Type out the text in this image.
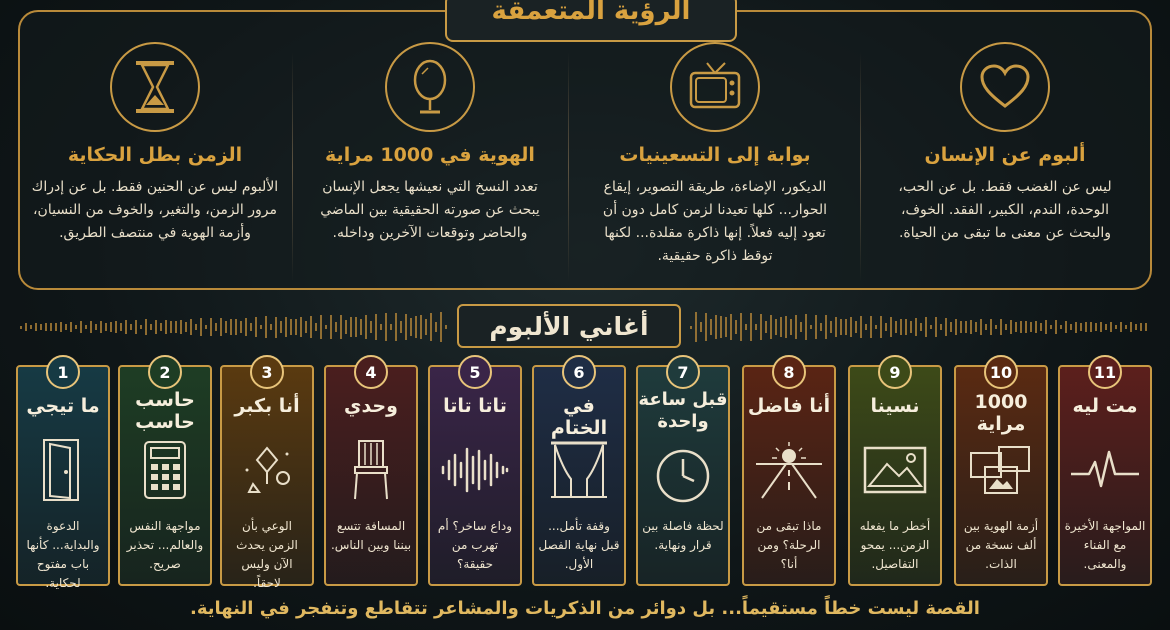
الرؤية المتعمقة
الزمن بطل الحكاية
الألبوم ليس عن الحنين فقط. بل عن إدراك مرور الزمن، والتغير، والخوف من النسيان، وأزمة الهوية في منتصف الطريق.
الهوية في 1000 مراية
تعدد النسخ التي نعيشها يجعل الإنسان يبحث عن صورته الحقيقية بين الماضي والحاضر وتوقعات الآخرين وداخله.
بوابة إلى التسعينيات
الديكور، الإضاءة، طريقة التصوير، إيقاع الحوار... كلها تعيدنا لزمن كامل دون أن تعود إليه فعلاً. إنها ذاكرة مقلدة... لكنها توقظ ذاكرة حقيقية.
ألبوم عن الإنسان
ليس عن الغضب فقط. بل عن الحب، الوحدة، الندم، الكبير، الفقد. الخوف، والبحث عن معنى ما تبقى من الحياة.
أغاني الألبوم
1
ما تيجي
الدعوة والبداية... كأنها باب مفتوح لحكاية.
2
حاسب حاسب
مواجهة النفس والعالم... تحذير صريح.
3
أنا بكبر
الوعي بأن الزمن يحدث الآن وليس لاحقاً.
4
وحدي
المسافة تتسع بيننا وبين الناس.
5
تاتا تاتا
وداع ساخر؟ أم تهرب من حقيقة؟
6
في الختام
وقفة تأمل... قبل نهاية الفصل الأول.
7
قبل ساعة واحدة
لحظة فاصلة بين قرار ونهاية.
8
أنا فاضل
ماذا تبقى من الرحلة؟ ومن أنا؟
9
نسينا
أخطر ما يفعله الزمن... يمحو التفاصيل.
10
1000 مراية
أزمة الهوية بين ألف نسخة من الذات.
11
مت ليه
المواجهة الأخيرة مع الفناء والمعنى.
القصة ليست خطاً مستقيماً... بل دوائر من الذكريات والمشاعر تتقاطع وتنفجر في النهاية.
